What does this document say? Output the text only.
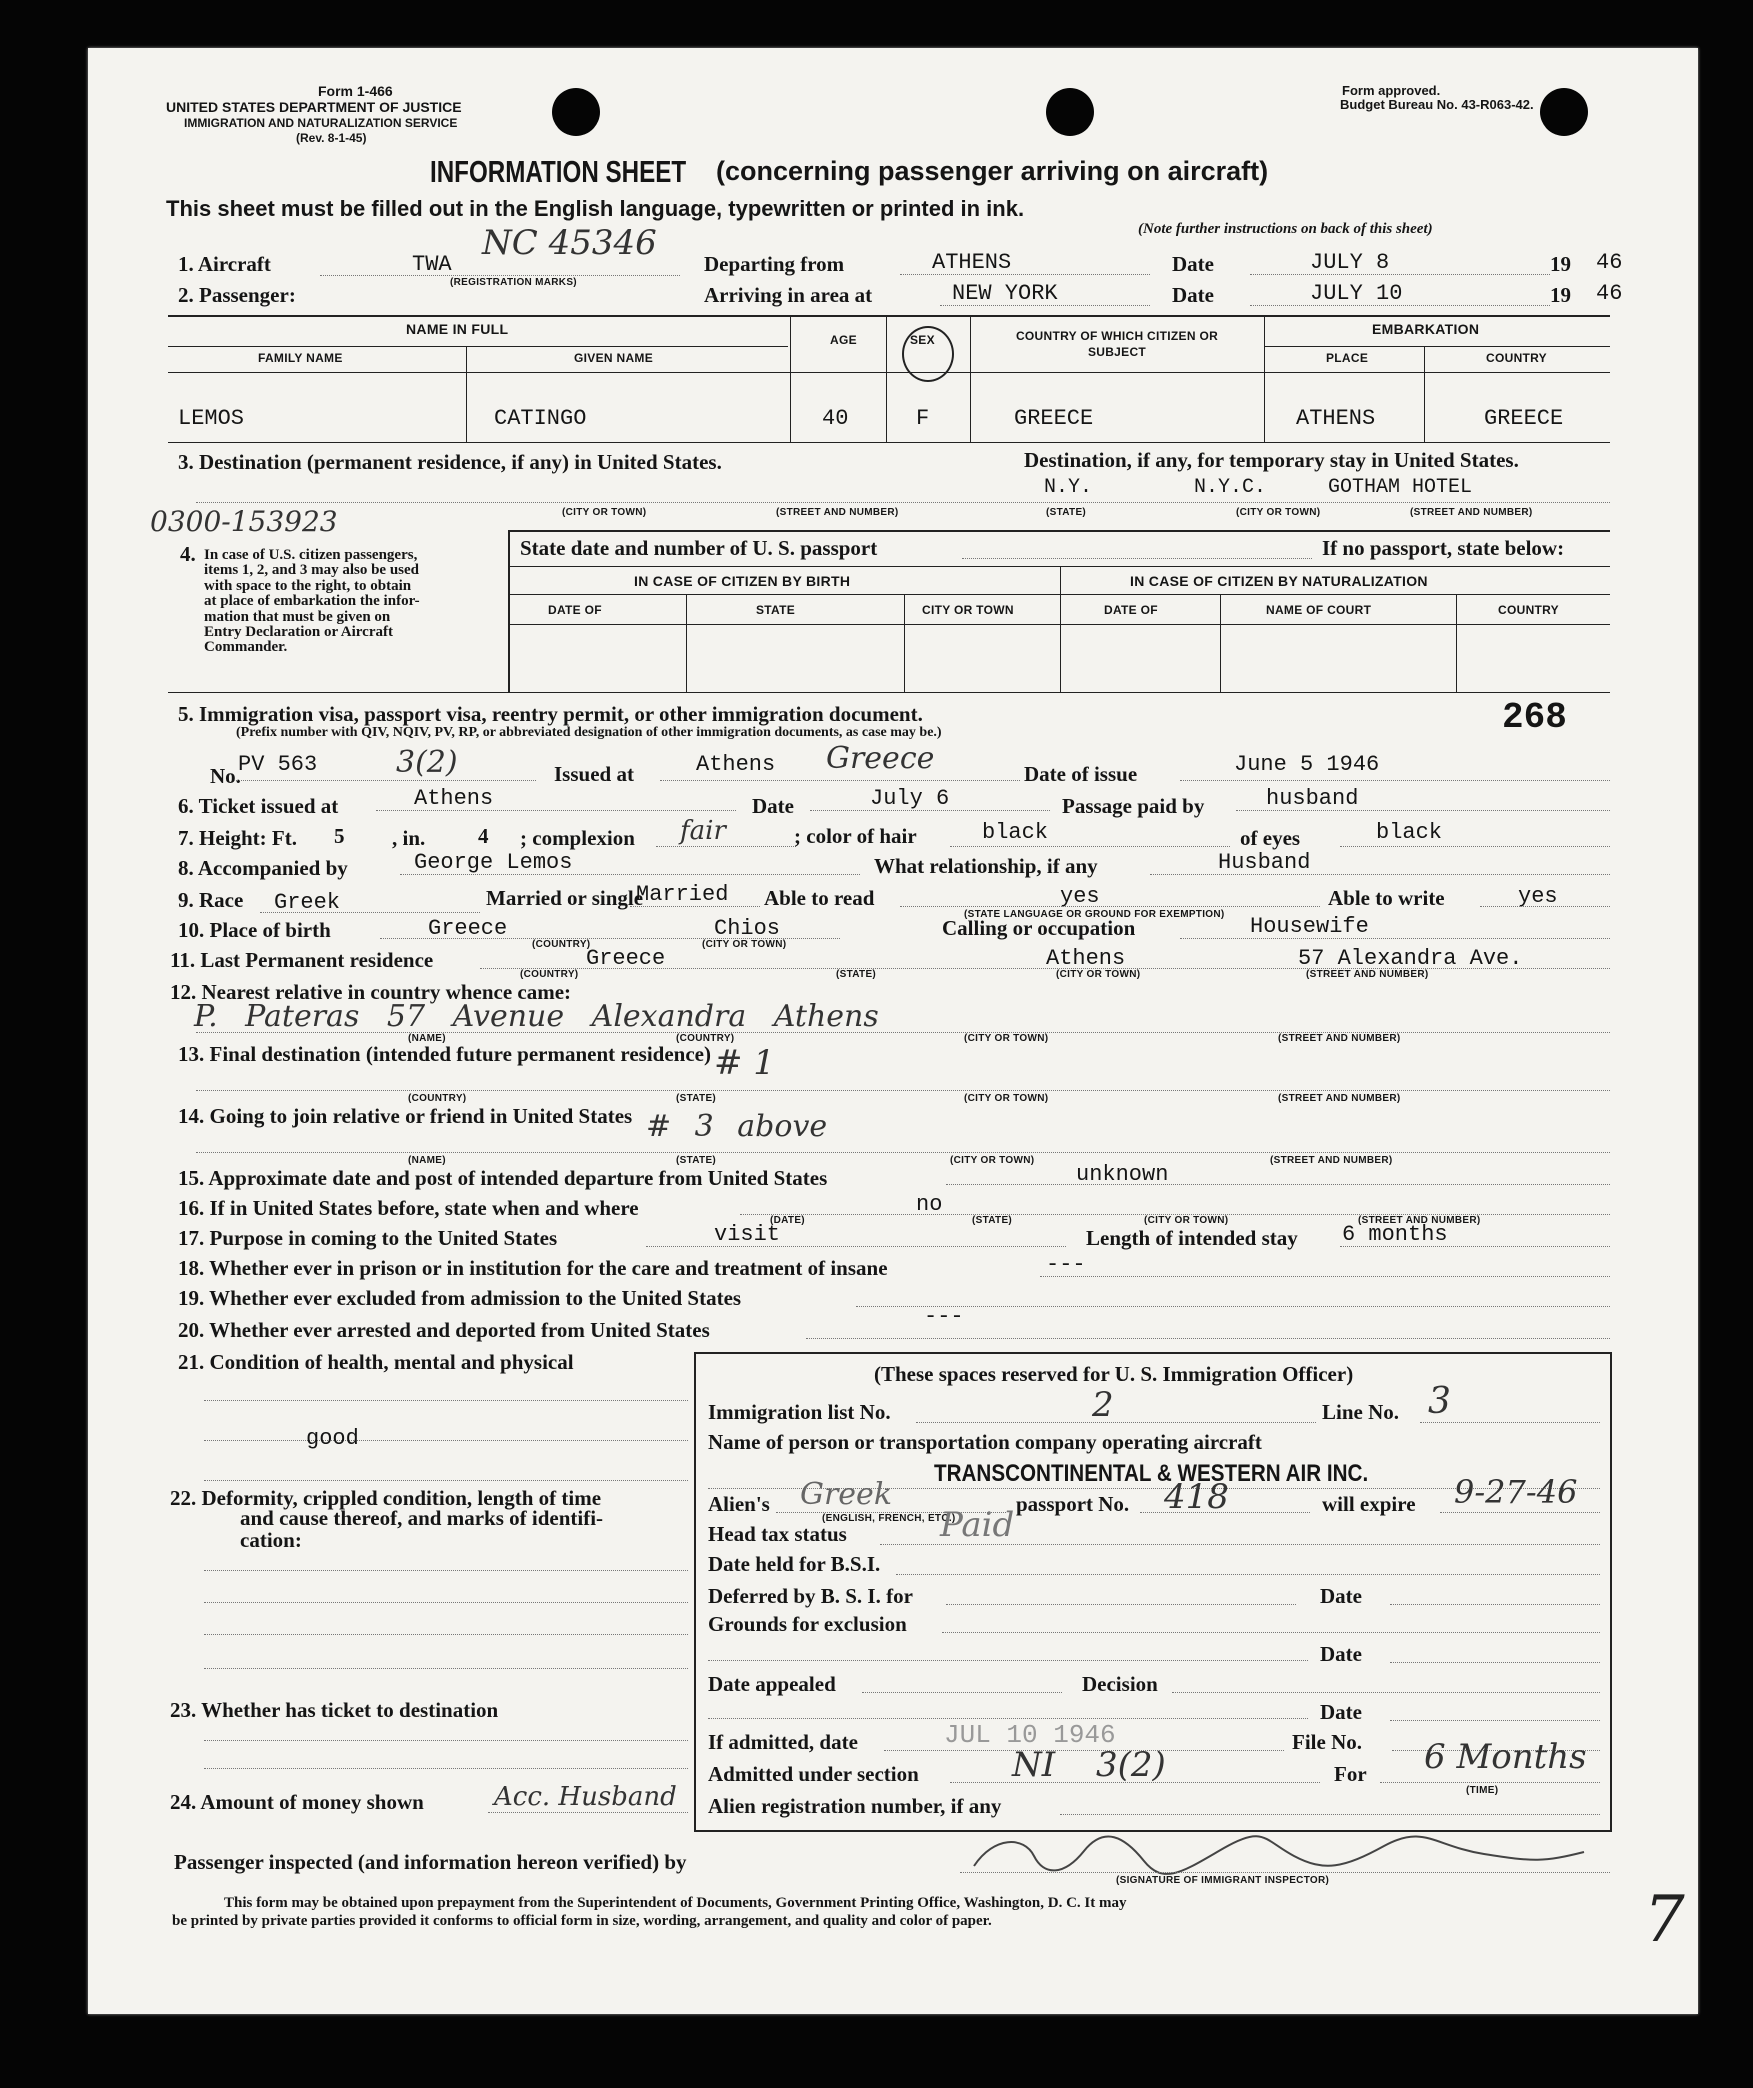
Form 1-466
UNITED STATES DEPARTMENT OF JUSTICE
IMMIGRATION AND NATURALIZATION SERVICE
(Rev. 8-1-45)
Form approved.
Budget Bureau No. 43-R063-42.
INFORMATION SHEET (concerning passenger arriving on aircraft)
This sheet must be filled out in the English language, typewritten or printed in ink.
(Note further instructions on back of this sheet)
1. Aircraft	TWA
NC 45346
(REGISTRATION MARKS)
2. Passenger:
Departing from	ATHENS
Arriving in area at	NEW YORK
Date	JULY 8	19 46
Date	JULY 10	19 46
NAME IN FULL
FAMILY NAME	GIVEN NAME
AGE	SEX	COUNTRY OF WHICH CITIZEN OR SUBJECT
EMBARKATION
PLACE	COUNTRY
LEMOS	CATINGO	40	F	GREECE	ATHENS	GREECE
3. Destination (permanent residence, if any) in United States.	Destination, if any, for temporary stay in United States.
N.Y.	N.Y.C.	GOTHAM HOTEL
(CITY OR TOWN)	(STREET AND NUMBER)	(STATE)	(CITY OR TOWN)	(STREET AND NUMBER)
0300-153923
4. In case of U.S. citizen passengers,
items 1, 2, and 3 may also be used
with space to the right, to obtain
at place of embarkation the infor-
mation that must be given on
Entry Declaration or Aircraft
Commander.
State date and number of U. S. passport	If no passport, state below:
IN CASE OF CITIZEN BY BIRTH	IN CASE OF CITIZEN BY NATURALIZATION
DATE OF	STATE	CITY OR TOWN	DATE OF	NAME OF COURT	COUNTRY
5. Immigration visa, passport visa, reentry permit, or other immigration document.
(Prefix number with QIV, NQIV, PV, RP, or abbreviated designation of other immigration documents, as case may be.)	268
No.
PV 563	3(2)	Issued at	Athens Greece	Date of issue	June 5 1946
6. Ticket issued at	Athens	Date	July 6	Passage paid by	husband
7. Height: Ft. 5 , in.	4 ; complexion fair	; color of hair	black	of eyes	black
8. Accompanied by	George Lemos	What relationship, if any	Husband
9. Race Greek	Married or single
Married Able to read	yes
(STATE LANGUAGE OR GROUND FOR EXEMPTION)
Able to write	yes
10. Place of birth	Greece	Chios
(COUNTRY)	(CITY OR TOWN)
Calling or occupation	Housewife
11. Last Permanent residence	Greece	Athens	57 Alexandra Ave.
(COUNTRY)	(STATE)	(CITY OR TOWN)	(STREET AND NUMBER)
12. Nearest relative in country whence came:
P. Pateras 57 Avenue Alexandra Athens
(NAME)	(COUNTRY)	(CITY OR TOWN)	(STREET AND NUMBER)
13. Final destination (intended future permanent residence) # 1
(COUNTRY)	(STATE)	(CITY OR TOWN)	(STREET AND NUMBER)
14. Going to join relative or friend in United States # 3 above
(NAME)	(STATE)	(CITY OR TOWN)	(STREET AND NUMBER)
15. Approximate date and post of intended departure from United States	unknown
16. If in United States before, state when and where	no
(DATE)	(STATE)	(CITY OR TOWN)	(STREET AND NUMBER)
17. Purpose in coming to the United States	visit	Length of intended stay 6 months
18. Whether ever in prison or in institution for the care and treatment of insane	---
19. Whether ever excluded from admission to the United States
20. Whether ever arrested and deported from United States
---
21. Condition of health, mental and physical
good
22. Deformity, crippled condition, length of time
and cause thereof, and marks of identifi-
cation:
23. Whether has ticket to destination
24. Amount of money shown	Acc. Husband
(These spaces reserved for U. S. Immigration Officer)
Immigration list No.	2	Line No. 3
Name of person or transportation company operating aircraft
TRANSCONTINENTAL & WESTERN AIR INC.
Alien's Greek
(ENGLISH, FRENCH, ETC.)
passport No. 418	will expire 9-27-46
Head tax status	Paid
Date held for B.S.I.
Deferred by B. S. I. for	Date
Grounds for exclusion
Date
Date appealed	Decision
Date
If admitted, date	JUL 10 1946	File No.
Admitted under section	NI 3(2)	For 6 Months
(TIME)
Alien registration number, if any
Passenger inspected (and information hereon verified) by
(SIGNATURE OF IMMIGRANT INSPECTOR)
This form may be obtained upon prepayment from the Superintendent of Documents, Government Printing Office, Washington, D. C. It may
be printed by private parties provided it conforms to official form in size, wording, arrangement, and quality and color of paper.	7
